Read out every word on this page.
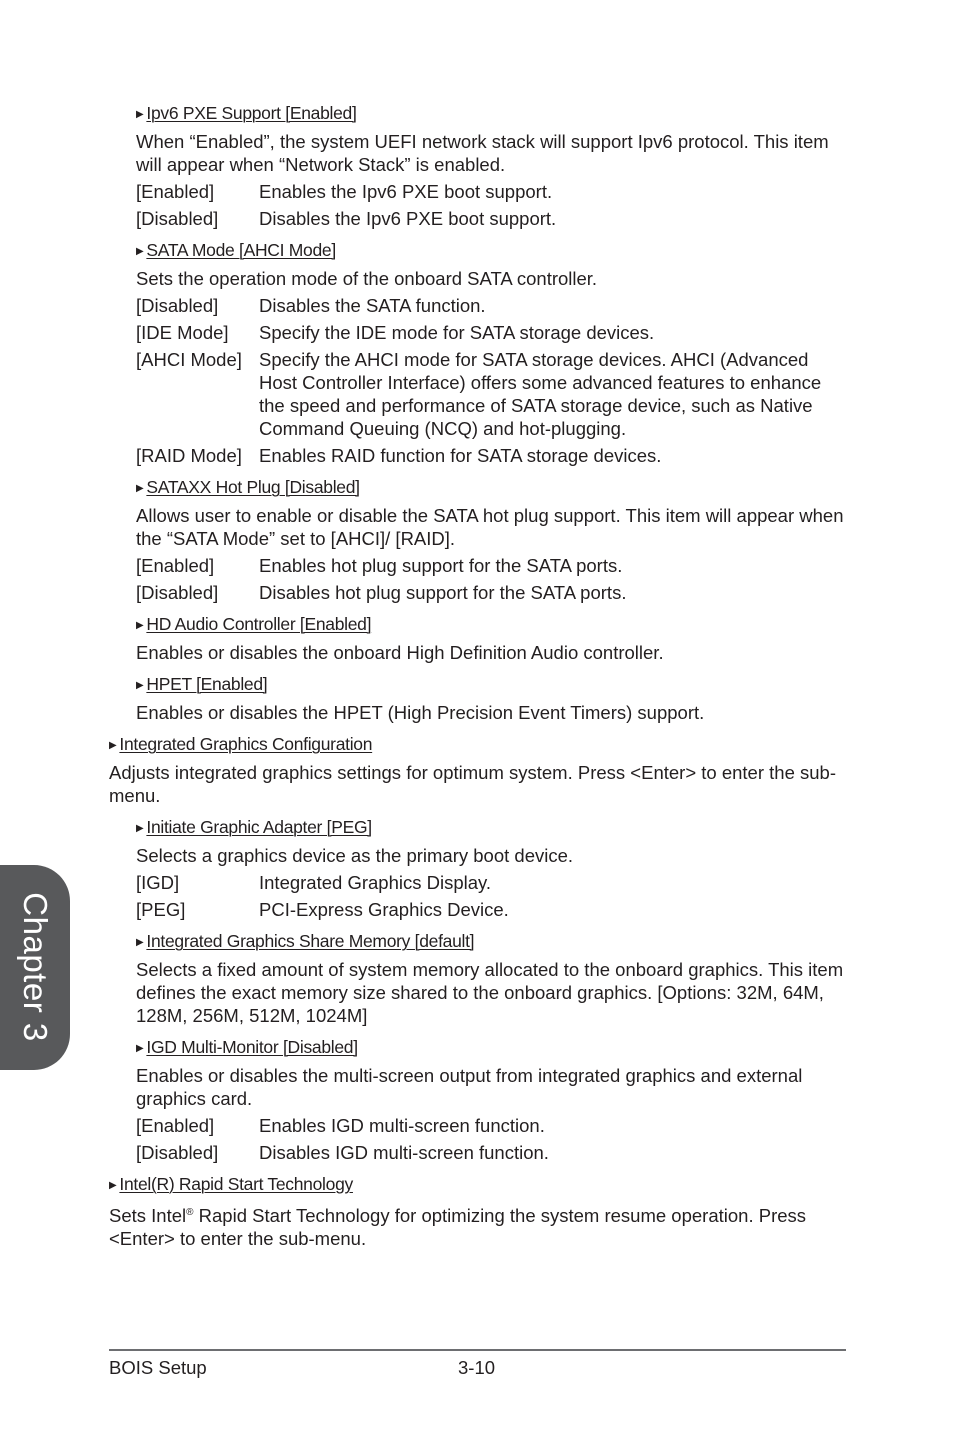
▶ Ipv6 PXE Support [Enabled]
When “Enabled”, the system UEFI network stack will support Ipv6 protocol. This item will appear when “Network Stack” is enabled.
[Enabled]	Enables the Ipv6 PXE boot support.
[Disabled]	Disables the Ipv6 PXE boot support.
▶ SATA Mode [AHCI Mode]
Sets the operation mode of the onboard SATA controller.
[Disabled]	Disables the SATA function.
[IDE Mode]	Specify the IDE mode for SATA storage devices.
[AHCI Mode] Specify the AHCI mode for SATA storage devices. AHCI (Advanced Host Controller Interface) offers some advanced features to enhance the speed and performance of SATA storage device, such as Native Command Queuing (NCQ) and hot-plugging.
[RAID Mode] Enables RAID function for SATA storage devices.
▶ SATAXX Hot Plug [Disabled]
Allows user to enable or disable the SATA hot plug support. This item will appear when the “SATA Mode” set to [AHCI]/ [RAID].
[Enabled]	Enables hot plug support for the SATA ports.
[Disabled]	Disables hot plug support for the SATA ports.
▶ HD Audio Controller [Enabled]
Enables or disables the onboard High Definition Audio controller.
▶ HPET [Enabled]
Enables or disables the HPET (High Precision Event Timers) support.
▶ Integrated Graphics Configuration
Adjusts integrated graphics settings for optimum system. Press <Enter> to enter the sub-menu.
▶ Initiate Graphic Adapter [PEG]
Selects a graphics device as the primary boot device.
[IGD]	Integrated Graphics Display.
[PEG]	PCI-Express Graphics Device.
▶ Integrated Graphics Share Memory [default]
Selects a fixed amount of system memory allocated to the onboard graphics. This item defines the exact memory size shared to the onboard graphics. [Options: 32M, 64M, 128M, 256M, 512M, 1024M]
▶ IGD Multi-Monitor [Disabled]
Enables or disables the multi-screen output from integrated graphics and external graphics card.
[Enabled]	Enables IGD multi-screen function.
[Disabled]	Disables IGD multi-screen function.
▶ Intel(R) Rapid Start Technology
Sets Intel® Rapid Start Technology for optimizing the system resume operation. Press <Enter> to enter the sub-menu.
Chapter 3
BOIS Setup	3-10
